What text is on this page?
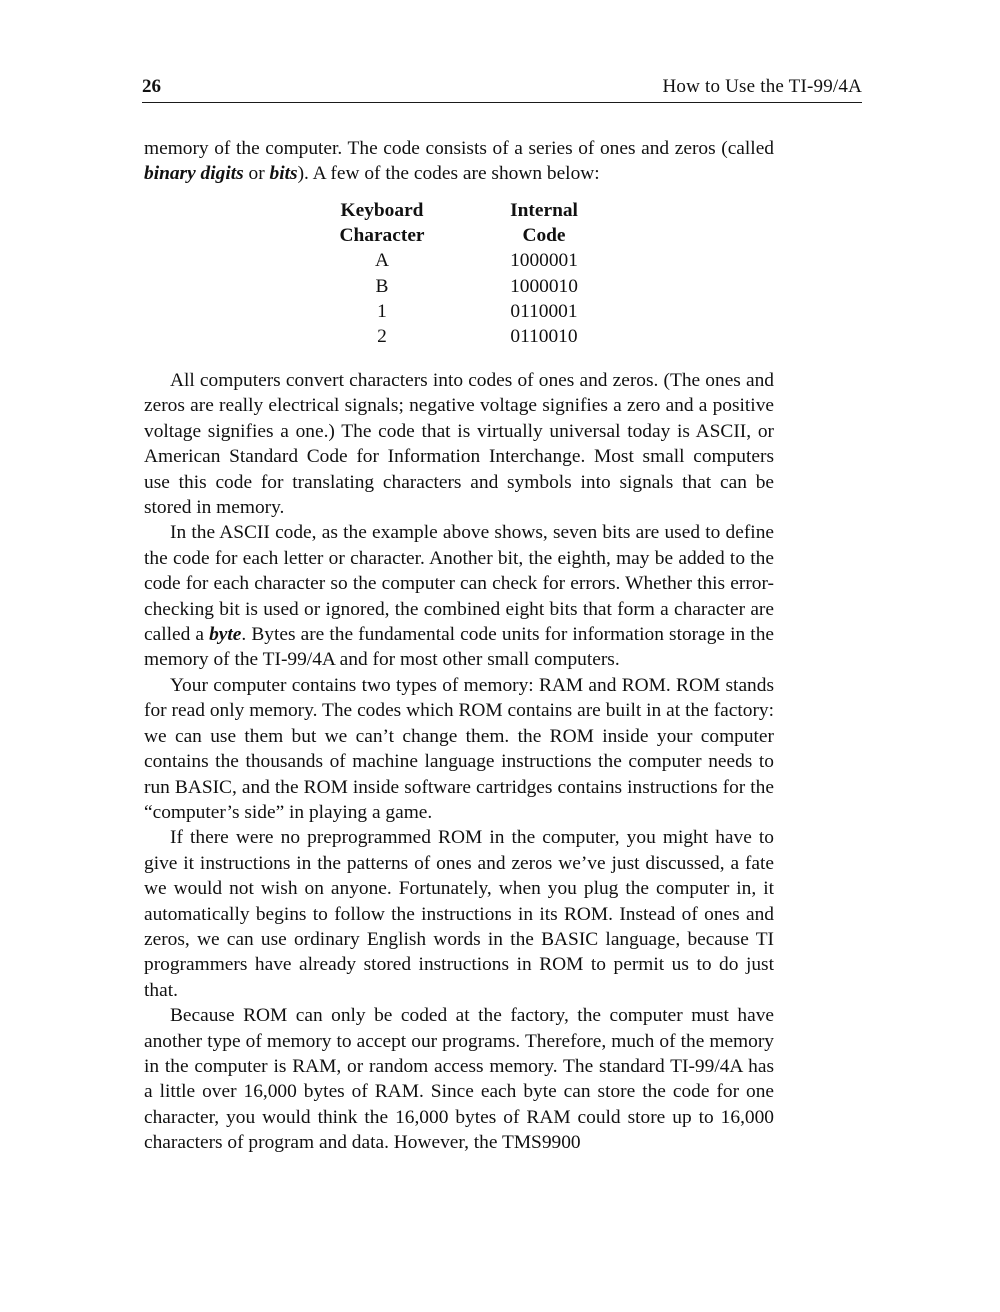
26	How to Use the TI-99/4A

memory of the computer. The code consists of a series of ones and zeros (called binary digits or bits). A few of the codes are shown below:

Keyboard
Character		Internal
Code
A		1000001
B		1000010
1		0110001
2		0110010

All computers convert characters into codes of ones and zeros. (The ones and zeros are really electrical signals; negative voltage signifies a zero and a positive voltage signifies a one.) The code that is virtually universal today is ASCII, or American Standard Code for Information Interchange. Most small computers use this code for translating characters and symbols into signals that can be stored in memory.

In the ASCII code, as the example above shows, seven bits are used to define the code for each letter or character. Another bit, the eighth, may be added to the code for each character so the computer can check for errors. Whether this error-checking bit is used or ignored, the combined eight bits that form a character are called a byte. Bytes are the fundamental code units for information storage in the memory of the TI-99/4A and for most other small computers.

Your computer contains two types of memory: RAM and ROM. ROM stands for read only memory. The codes which ROM contains are built in at the factory: we can use them but we can’t change them. the ROM inside your computer contains the thousands of machine language instructions the computer needs to run BASIC, and the ROM inside software cartridges contains instructions for the “computer’s side” in playing a game.

If there were no preprogrammed ROM in the computer, you might have to give it instructions in the patterns of ones and zeros we’ve just discussed, a fate we would not wish on anyone. Fortunately, when you plug the computer in, it automatically begins to follow the instructions in its ROM. Instead of ones and zeros, we can use ordinary English words in the BASIC language, because TI programmers have already stored instructions in ROM to permit us to do just that.

Because ROM can only be coded at the factory, the computer must have another type of memory to accept our programs. Therefore, much of the memory in the computer is RAM, or random access memory. The standard TI-99/4A has a little over 16,000 bytes of RAM. Since each byte can store the code for one character, you would think the 16,000 bytes of RAM could store up to 16,000 characters of program and data. However, the TMS9900
